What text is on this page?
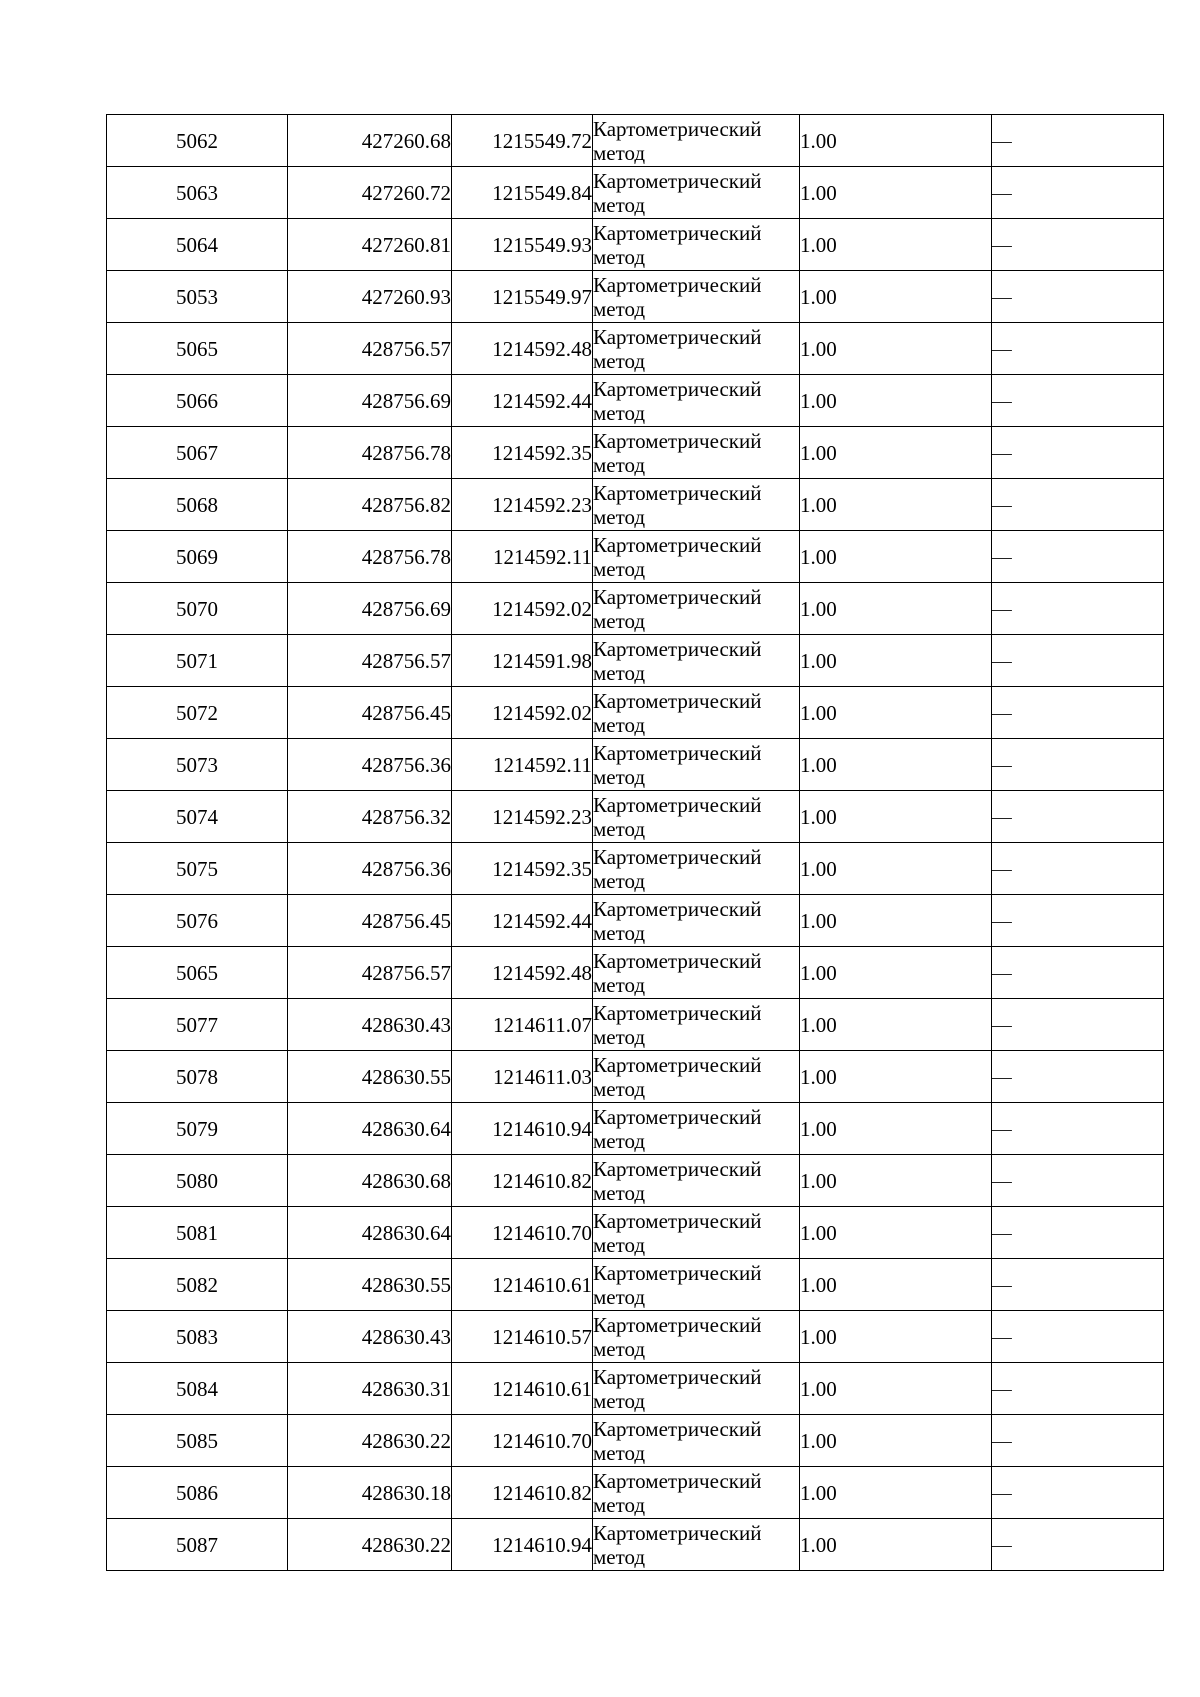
5062	427260.68	1215549.72	Картометрический метод	1.00	—
5063	427260.72	1215549.84	Картометрический метод	1.00	—
5064	427260.81	1215549.93	Картометрический метод	1.00	—
5053	427260.93	1215549.97	Картометрический метод	1.00	—
5065	428756.57	1214592.48	Картометрический метод	1.00	—
5066	428756.69	1214592.44	Картометрический метод	1.00	—
5067	428756.78	1214592.35	Картометрический метод	1.00	—
5068	428756.82	1214592.23	Картометрический метод	1.00	—
5069	428756.78	1214592.11	Картометрический метод	1.00	—
5070	428756.69	1214592.02	Картометрический метод	1.00	—
5071	428756.57	1214591.98	Картометрический метод	1.00	—
5072	428756.45	1214592.02	Картометрический метод	1.00	—
5073	428756.36	1214592.11	Картометрический метод	1.00	—
5074	428756.32	1214592.23	Картометрический метод	1.00	—
5075	428756.36	1214592.35	Картометрический метод	1.00	—
5076	428756.45	1214592.44	Картометрический метод	1.00	—
5065	428756.57	1214592.48	Картометрический метод	1.00	—
5077	428630.43	1214611.07	Картометрический метод	1.00	—
5078	428630.55	1214611.03	Картометрический метод	1.00	—
5079	428630.64	1214610.94	Картометрический метод	1.00	—
5080	428630.68	1214610.82	Картометрический метод	1.00	—
5081	428630.64	1214610.70	Картометрический метод	1.00	—
5082	428630.55	1214610.61	Картометрический метод	1.00	—
5083	428630.43	1214610.57	Картометрический метод	1.00	—
5084	428630.31	1214610.61	Картометрический метод	1.00	—
5085	428630.22	1214610.70	Картометрический метод	1.00	—
5086	428630.18	1214610.82	Картометрический метод	1.00	—
5087	428630.22	1214610.94	Картометрический метод	1.00	—
